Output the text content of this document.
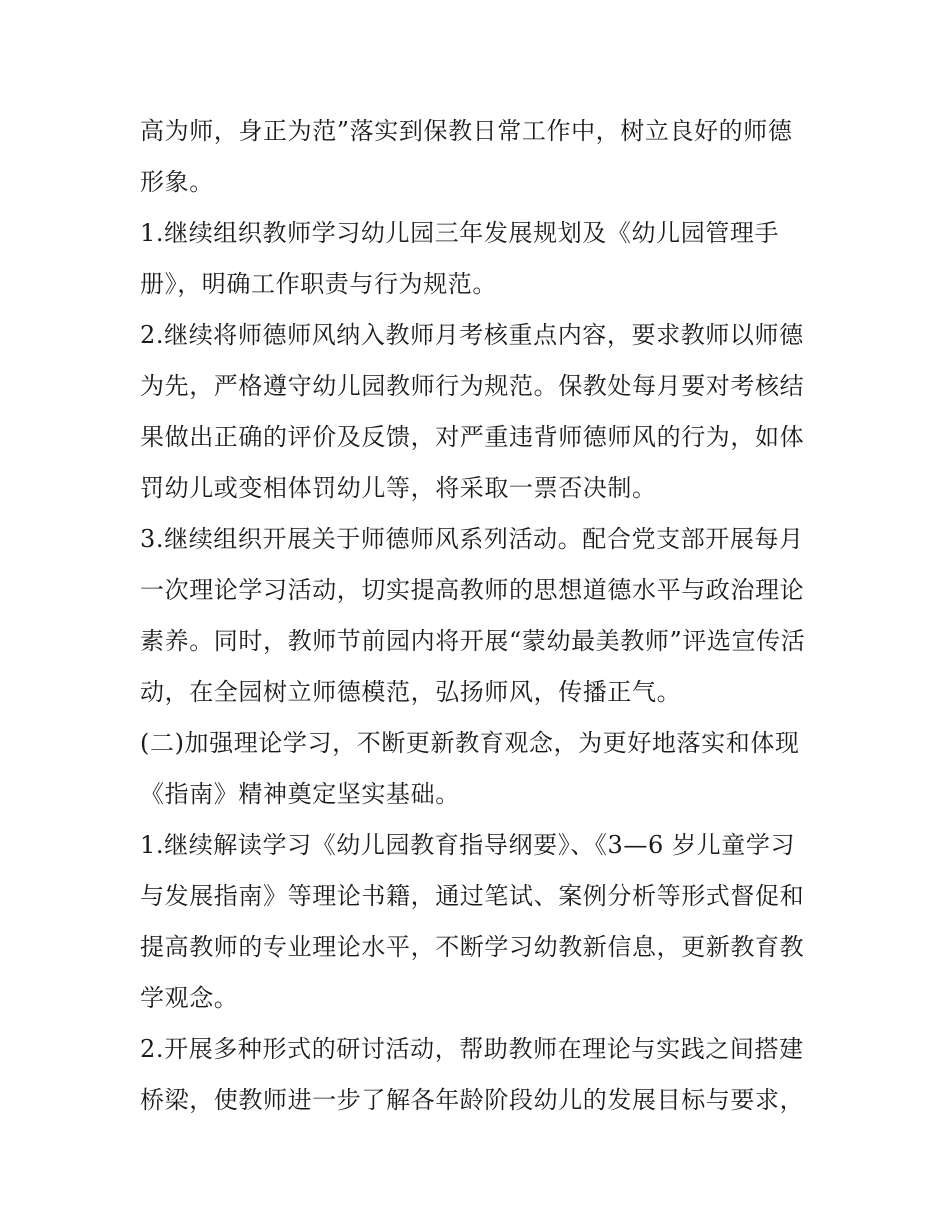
高为师，身正为范”落实到保教日常工作中，树立良好的师德
形象。

1.继续组织教师学习幼儿园三年发展规划及《幼儿园管理手
册》，明确工作职责与行为规范。

2.继续将师德师风纳入教师月考核重点内容，要求教师以师德
为先，严格遵守幼儿园教师行为规范。保教处每月要对考核结
果做出正确的评价及反馈，对严重违背师德师风的行为，如体
罚幼儿或变相体罚幼儿等，将采取一票否决制。

3.继续组织开展关于师德师风系列活动。配合党支部开展每月
一次理论学习活动，切实提高教师的思想道德水平与政治理论
素养。同时，教师节前园内将开展“蒙幼最美教师”评选宣传活
动，在全园树立师德模范，弘扬师风，传播正气。

(二)加强理论学习，不断更新教育观念，为更好地落实和体现
《指南》精神奠定坚实基础。

1.继续解读学习《幼儿园教育指导纲要》、《3—6 岁儿童学习
与发展指南》等理论书籍，通过笔试、案例分析等形式督促和
提高教师的专业理论水平，不断学习幼教新信息，更新教育教
学观念。

2.开展多种形式的研讨活动，帮助教师在理论与实践之间搭建
桥梁，使教师进一步了解各年龄阶段幼儿的发展目标与要求，
